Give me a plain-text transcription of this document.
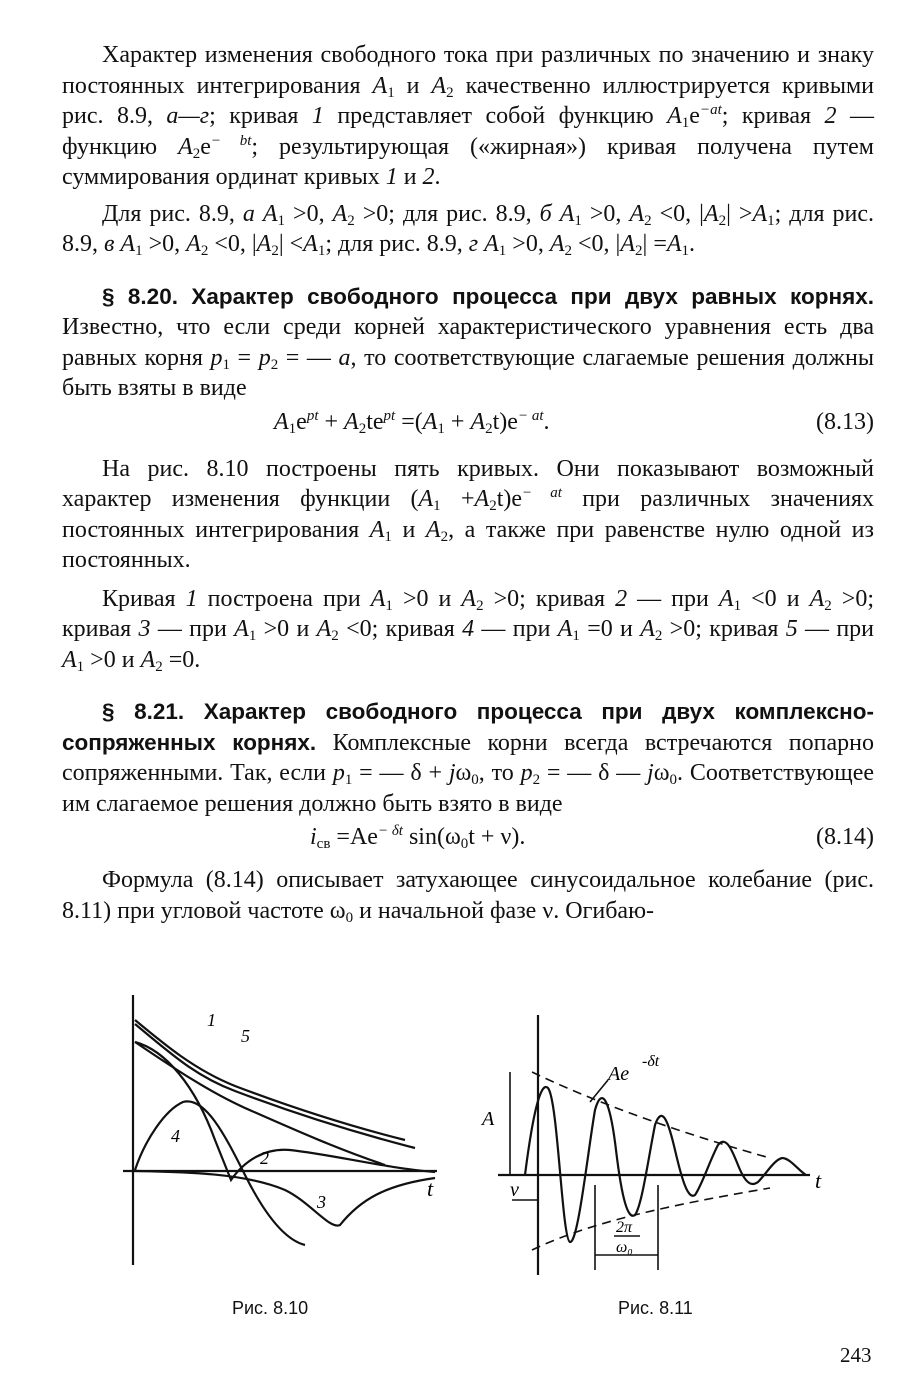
Характер изменения свободного тока при различных по значению и знаку постоянных интегрирования $A_1$ и $A_2$ качественно иллюстрируется кривыми рис. 8.9, а—г; кривая 1 представляет собой функцию $A_1e^{-at}$; кривая 2 — функцию $A_2e^{- bt}$; результирующая («жирная») кривая получена путем суммирования ординат кривых 1 и 2.

Для рис. 8.9, а $A_1 >0$, $A_2 >0$; для рис. 8.9, б $A_1 >0$, $A_2 <0$, $|A_2| >A_1$; для рис. 8.9, в $A_1 >0$, $A_2 <0$, $|A_2| <A_1$; для рис. 8.9, г $A_1 >0$, $A_2 <0$, $|A_2| =A_1$.

§ 8.20. Характер свободного процесса при двух равных корнях. Известно, что если среди корней характеристического уравнения есть два равных корня $p_1 = p_2$ = — a, то соответствующие слагаемые решения должны быть взяты в виде

$A_1e^{pt} + A_2te^{pt} =(A_1 + A_2t)e^{- at}$.	(8.13)

На рис. 8.10 построены пять кривых. Они показывают возможный характер изменения функции $(A_1 +A_2t)e^{- at}$ при различных значениях постоянных интегрирования $A_1$ и $A_2$, а также при равенстве нулю одной из постоянных.

Кривая 1 построена при $A_1 >0$ и $A_2 >0$; кривая 2 — при $A_1 <0$ и $A_2 >0$; кривая 3 — при $A_1 >0$ и $A_2 <0$; кривая 4 — при $A_1 =0$ и $A_2 >0$; кривая 5 — при $A_1 >0$ и $A_2 =0$.

§ 8.21. Характер свободного процесса при двух комплексно-сопряженных корнях. Комплексные корни всегда встречаются попарно сопряженными. Так, если $p_1$ = — $\delta + j\omega_0$, то $p_2$ = — δ — $j\omega_0$. Соответствующее им слагаемое решения должно быть взято в виде

$i_{св} =Ae^{- \delta t}$ $\sin(\omega_0t + \nu)$.	(8.14)

Формула (8.14) описывает затухающее синусоидальное колебание (рис. 8.11) при угловой частоте $\omega_0$ и начальной фазе ν. Огибаю-

1
5
4
2
3
t
Рис. 8.10
A
ν
Ae
-δt
2π
ω₀
t
Рис. 8.11
243
